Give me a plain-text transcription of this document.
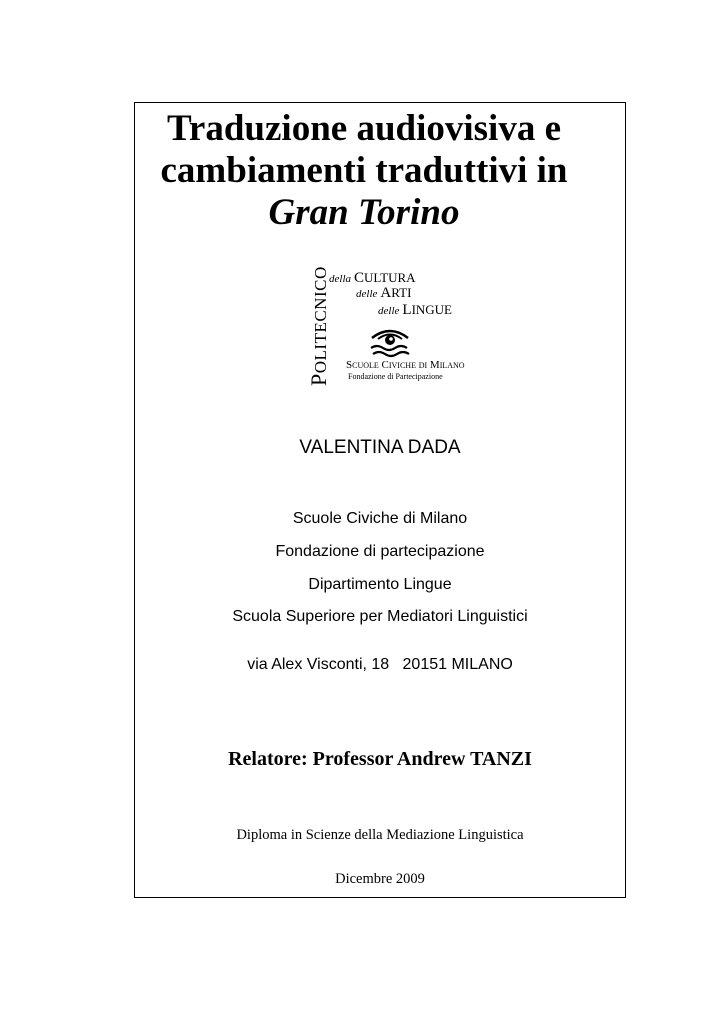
Traduzione audiovisiva e
cambiamenti traduttivi in
Gran Torino
POLITECNICO della CULTURA
delle ARTI
delle LINGUE
Scuole Civiche di Milano
Fondazione di Partecipazione
VALENTINA DADA
Scuole Civiche di Milano
Fondazione di partecipazione
Dipartimento Lingue
Scuola Superiore per Mediatori Linguistici
via Alex Visconti, 18   20151 MILANO
Relatore: Professor Andrew TANZI
Diploma in Scienze della Mediazione Linguistica
Dicembre 2009
